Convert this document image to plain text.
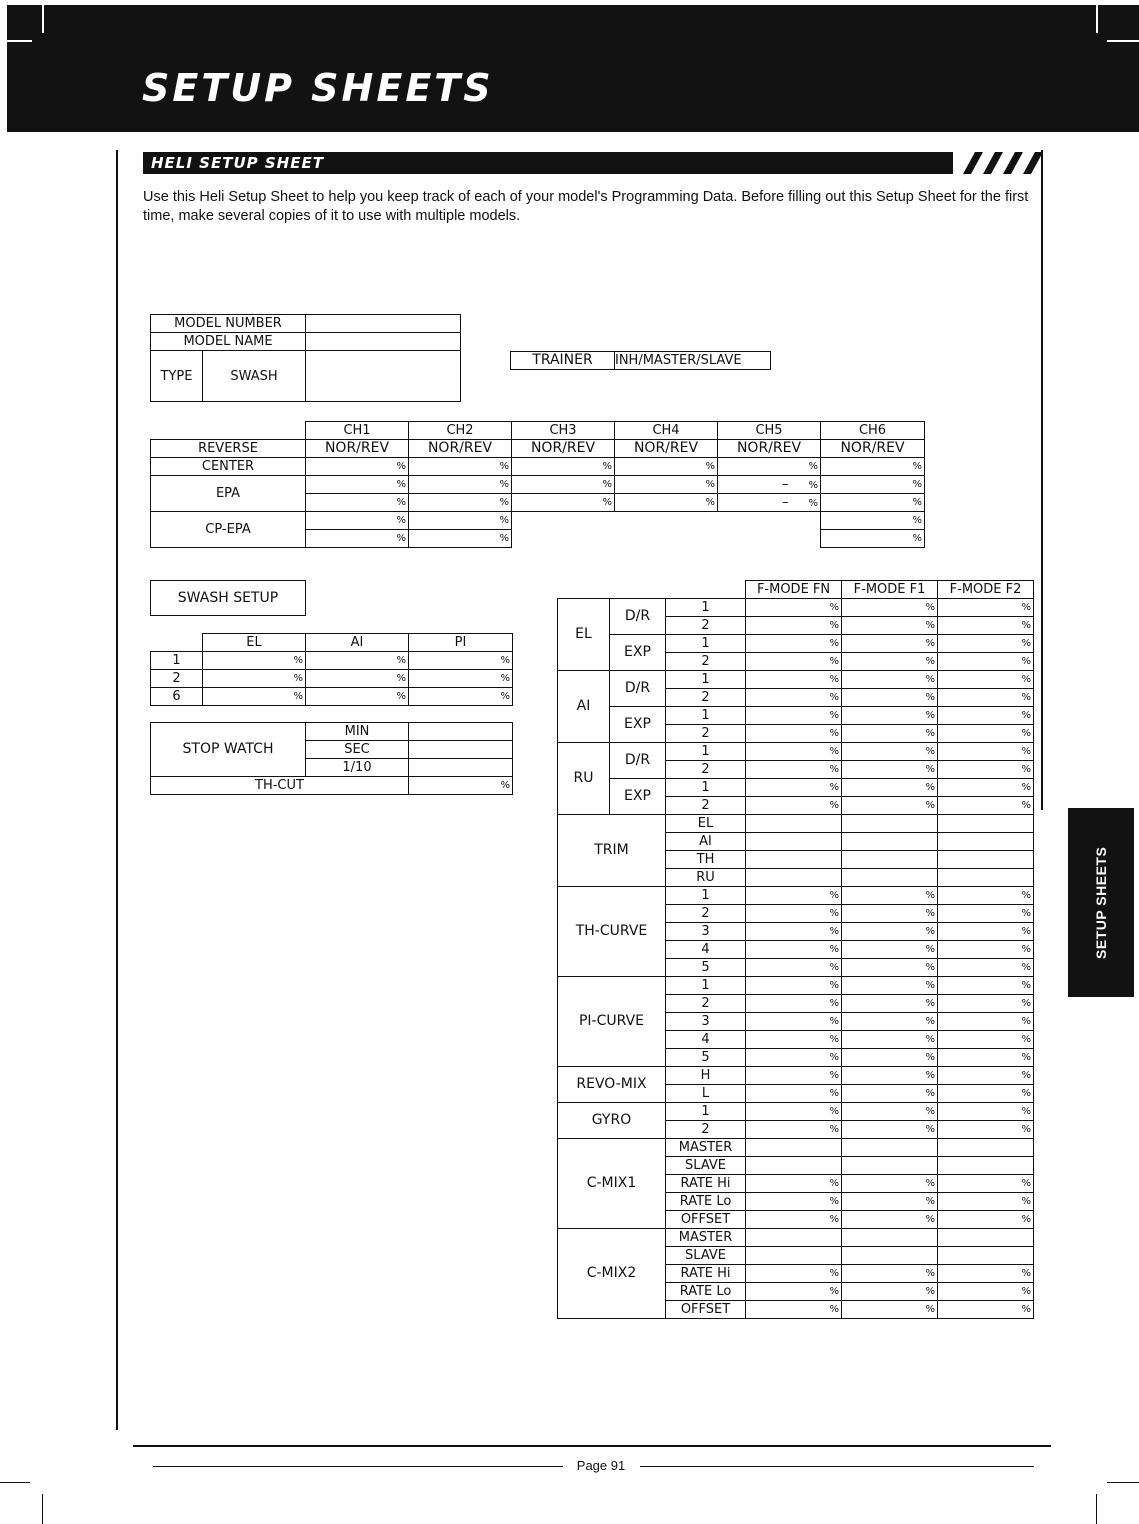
SETUP SHEETS
HELI SETUP SHEET
Use this Heli Setup Sheet to help you keep track of each of your model's Programming Data. Before filling out this Setup Sheet for the first time, make several copies of it to use with multiple models.
MODEL NUMBER		
MODEL NAME		
TYPE	SWASH	
TRAINER	INH/MASTER/SLAVE
	CH1	CH2	CH3	CH4	CH5	CH6
REVERSE	NOR/REV	NOR/REV	NOR/REV	NOR/REV	NOR/REV	NOR/REV
CENTER	%	%	%	%	%	%
EPA	%	%	%	%	– %	%
	%	%	%	%	– %	%
CP-EPA	%	%				%
	%	%				%
SWASH SETUP
	EL	AI	PI
1	%	%	%
2	%	%	%
6	%	%	%
STOP WATCH	MIN	
	SEC	
	1/10	
TH-CUT		%
			F-MODE FN	F-MODE F1	F-MODE F2
EL	D/R	1	%	%	%
		2	%	%	%
	EXP	1	%	%	%
		2	%	%	%
AI	D/R	1	%	%	%
		2	%	%	%
	EXP	1	%	%	%
		2	%	%	%
RU	D/R	1	%	%	%
		2	%	%	%
	EXP	1	%	%	%
		2	%	%	%
TRIM		EL			
		AI			
		TH			
		RU			
TH-CURVE		1	%	%	%
		2	%	%	%
		3	%	%	%
		4	%	%	%
		5	%	%	%
PI-CURVE		1	%	%	%
		2	%	%	%
		3	%	%	%
		4	%	%	%
		5	%	%	%
REVO-MIX		H	%	%	%
		L	%	%	%
GYRO		1	%	%	%
		2	%	%	%
C-MIX1		MASTER			
		SLAVE			
		RATE Hi	%	%	%
		RATE Lo	%	%	%
		OFFSET	%	%	%
C-MIX2		MASTER			
		SLAVE			
		RATE Hi	%	%	%
		RATE Lo	%	%	%
		OFFSET	%	%	%
SETUP SHEETS
Page 91
